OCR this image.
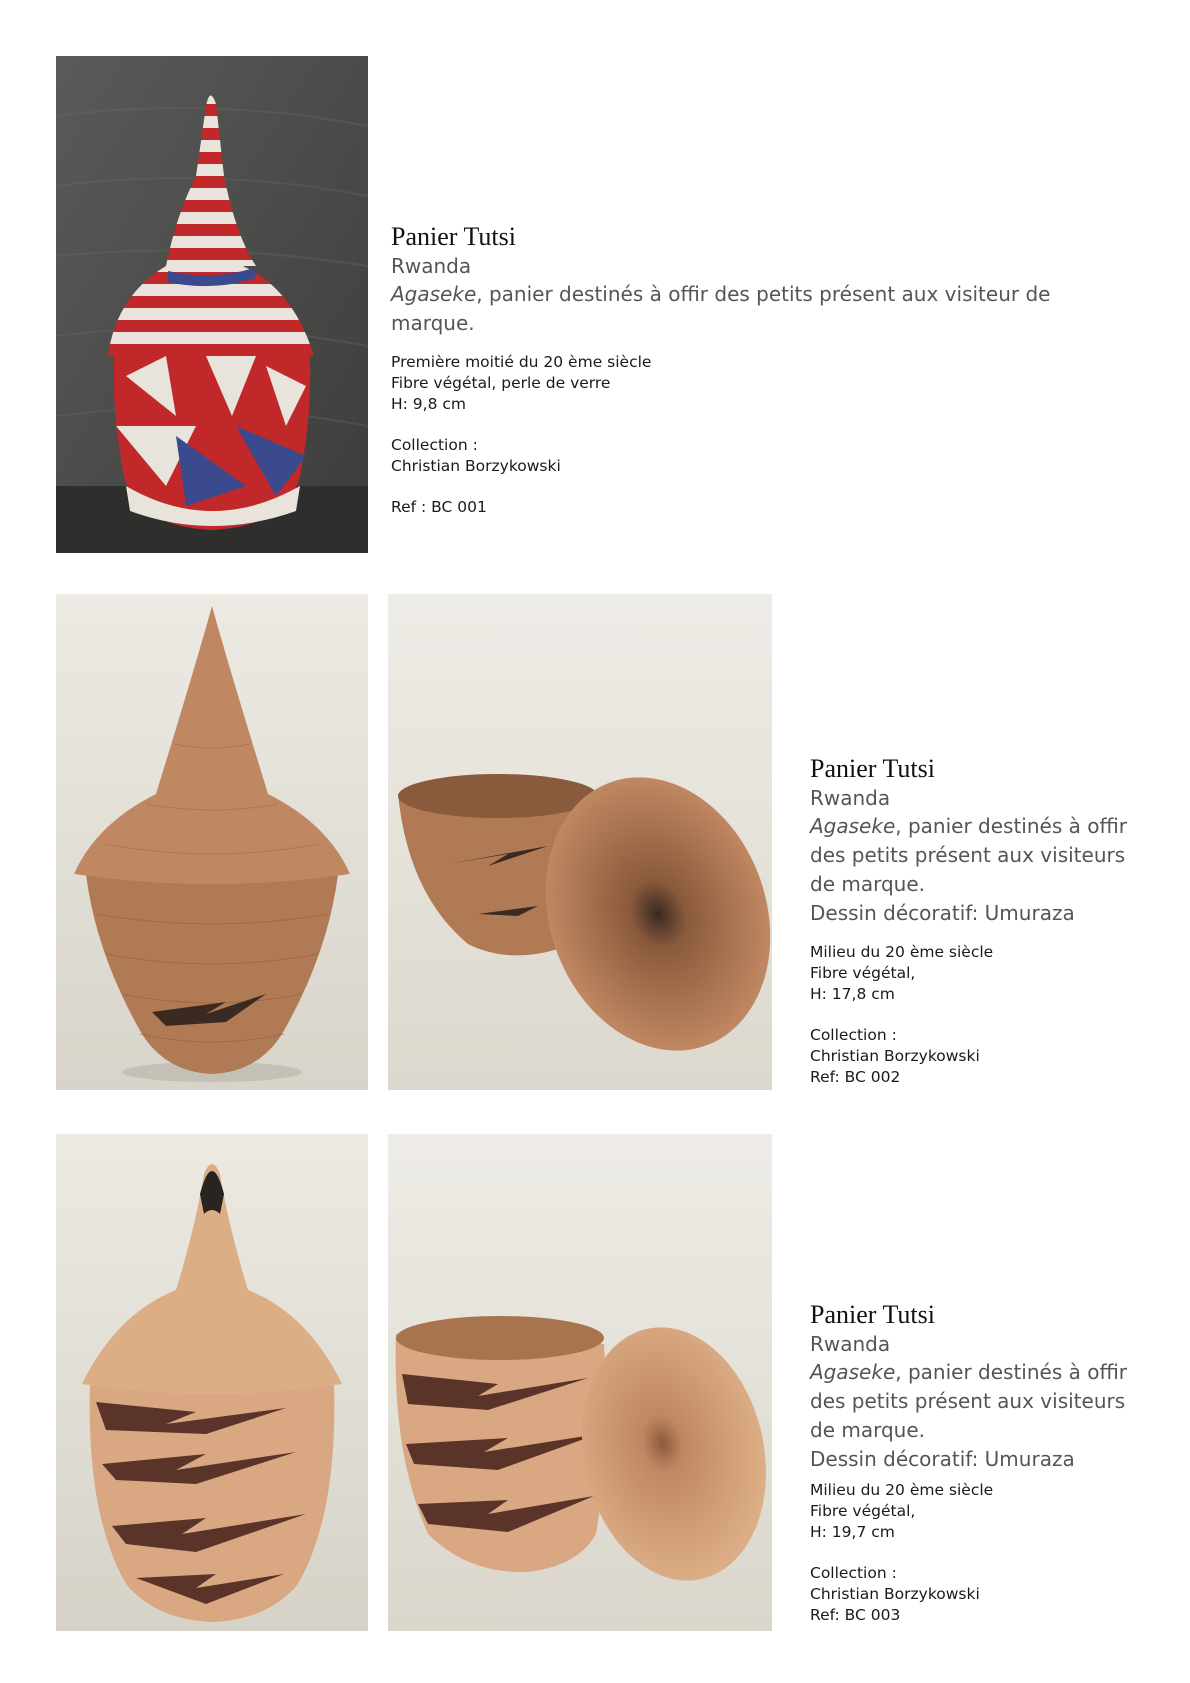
Panier Tutsi
Rwanda
Agaseke, panier destinés à offir des petits présent aux visiteur de marque.
Première moitié du 20 ème siècle
Fibre végétal, perle de verre
H: 9,8 cm
Collection :
Christian Borzykowski
Ref : BC 001
Panier Tutsi
Rwanda
Agaseke, panier destinés à offir des petits présent aux visiteurs de marque.
Dessin décoratif: Umuraza
Milieu du 20 ème siècle
Fibre végétal,
H: 17,8 cm
Collection :
Christian Borzykowski
Ref: BC 002
Panier Tutsi
Rwanda
Agaseke, panier destinés à offir des petits présent aux visiteurs de marque.
Dessin décoratif: Umuraza
Milieu du 20 ème siècle
Fibre végétal,
H: 19,7 cm
Collection :
Christian Borzykowski
Ref: BC 003
